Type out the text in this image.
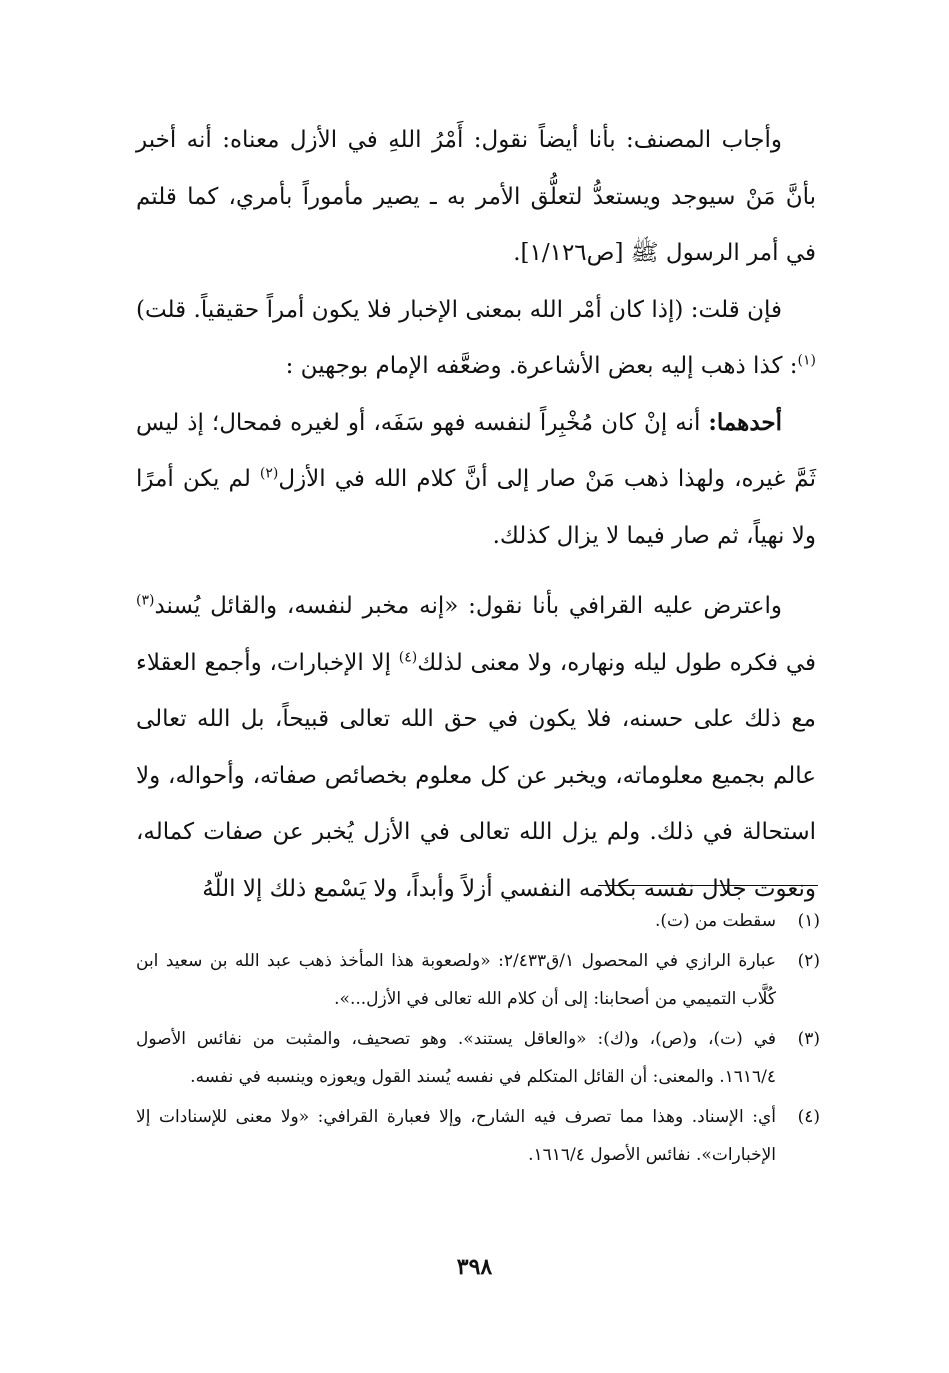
وأجاب المصنف: بأنا أيضاً نقول: أَمْرُ اللهِ في الأزل معناه: أنه أخبر بأنَّ مَنْ سيوجد ويستعدُّ لتعلُّق الأمر به ـ يصير مأموراً بأمري، كما قلتم في أمر الرسول ﷺ [ص١/١٢٦].

فإن قلت: (إذا كان أمْر الله بمعنى الإخبار فلا يكون أمراً حقيقياً. قلت)$^{(١)}$: كذا ذهب إليه بعض الأشاعرة. وضعَّفه الإمام بوجهين :

أحدهما: أنه إنْ كان مُخْبِراً لنفسه فهو سَفَه، أو لغيره فمحال؛ إذ ليس ثَمَّ غيره، ولهذا ذهب مَنْ صار إلى أنَّ كلام الله في الأزل$^{(٢)}$ لم يكن أمرًا ولا نهياً، ثم صار فيما لا يزال كذلك.

واعترض عليه القرافي بأنا نقول: «إنه مخبر لنفسه، والقائل يُسند$^{(٣)}$ في فكره طول ليله ونهاره، ولا معنى لذلك$^{(٤)}$ إلا الإخبارات، وأجمع العقلاء مع ذلك على حسنه، فلا يكون في حق الله تعالى قبيحاً، بل الله تعالى عالم بجميع معلوماته، ويخبر عن كل معلوم بخصائص صفاته، وأحواله، ولا استحالة في ذلك. ولم يزل الله تعالى في الأزل يُخبر عن صفات كماله، ونعوت جلال نفسه بكلامه النفسي أزلاً وأبداً، ولا يَسْمع ذلك إلا اللّهُ

(١)
سقطت من (ت).
(٢)
عبارة الرازي في المحصول ١/ق٢/٤٣٣: «ولصعوبة هذا المأخذ ذهب عبد الله بن سعيد ابن كُلَّاب التميمي من أصحابنا: إلى أن كلام الله تعالى في الأزل...».
(٣)
في (ت)، و(ص)، و(ك): «والعاقل يستند». وهو تصحيف، والمثبت من نفائس الأصول ١٦١٦/٤. والمعنى: أن القائل المتكلم في نفسه يُسند القول ويعوزه وينسبه في نفسه.
(٤)
أي: الإسناد. وهذا مما تصرف فيه الشارح، وإلا فعبارة القرافي: «ولا معنى للإسنادات إلا الإخبارات». نفائس الأصول ١٦١٦/٤.
٣٩٨
